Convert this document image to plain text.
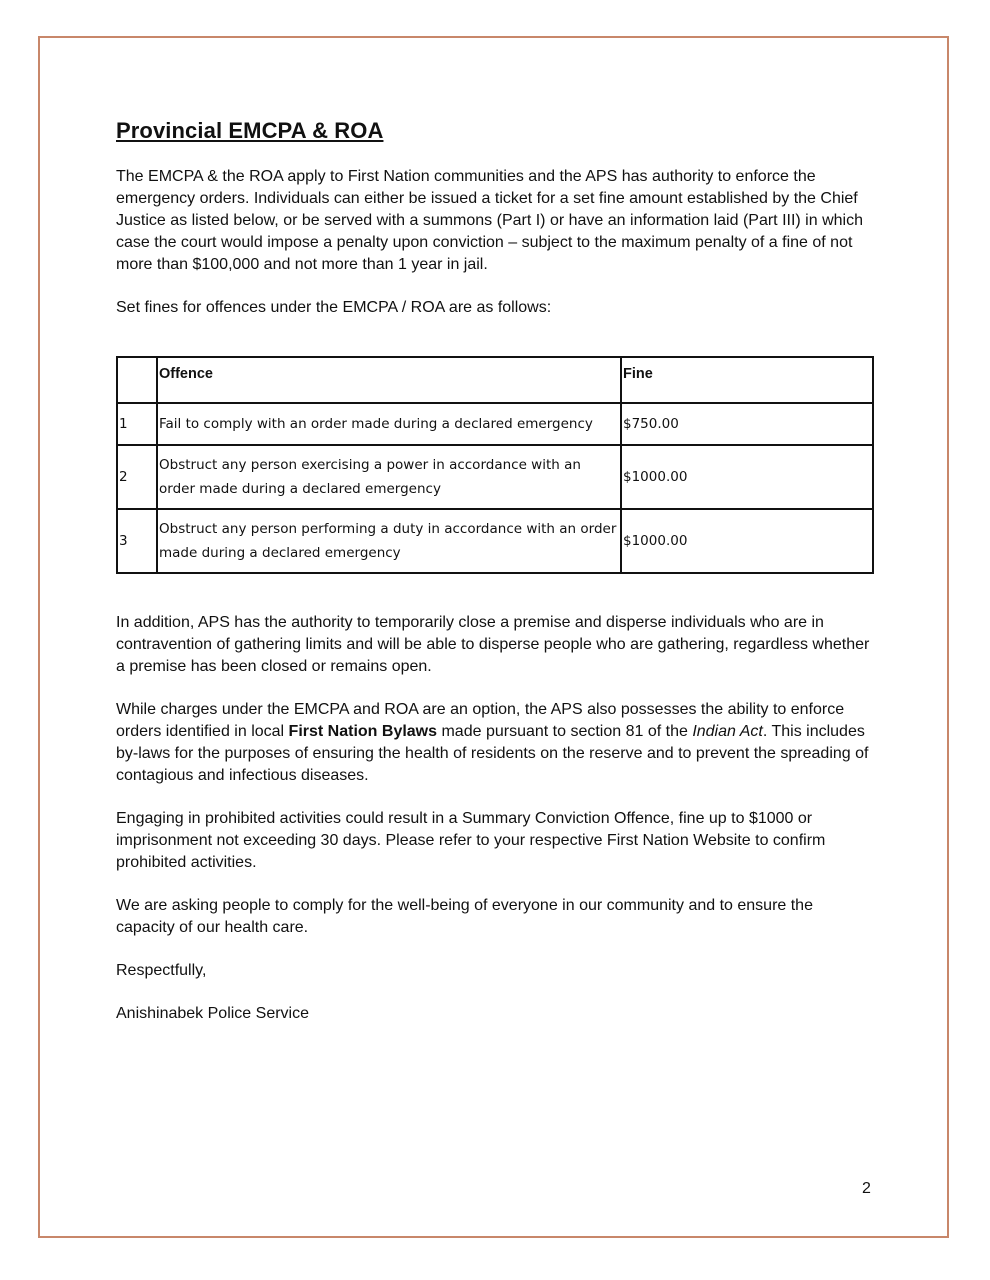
Provincial EMCPA & ROA

The EMCPA & the ROA apply to First Nation communities and the APS has authority to enforce the emergency orders. Individuals can either be issued a ticket for a set fine amount established by the Chief Justice as listed below, or be served with a summons (Part I) or have an information laid (Part III) in which case the court would impose a penalty upon conviction – subject to the maximum penalty of a fine of not more than $100,000 and not more than 1 year in jail.

Set fines for offences under the EMCPA / ROA are as follows:

	Offence	Fine
1	Fail to comply with an order made during a declared emergency	$750.00
2	Obstruct any person exercising a power in accordance with an order made during a declared emergency	$1000.00
3	Obstruct any person performing a duty in accordance with an order made during a declared emergency	$1000.00

In addition, APS has the authority to temporarily close a premise and disperse individuals who are in contravention of gathering limits and will be able to disperse people who are gathering, regardless whether a premise has been closed or remains open.

While charges under the EMCPA and ROA are an option, the APS also possesses the ability to enforce orders identified in local First Nation Bylaws made pursuant to section 81 of the Indian Act. This includes by-laws for the purposes of ensuring the health of residents on the reserve and to prevent the spreading of contagious and infectious diseases.

Engaging in prohibited activities could result in a Summary Conviction Offence, fine up to $1000 or imprisonment not exceeding 30 days. Please refer to your respective First Nation Website to confirm prohibited activities.

We are asking people to comply for the well-being of everyone in our community and to ensure the capacity of our health care.

Respectfully,

Anishinabek Police Service

2
